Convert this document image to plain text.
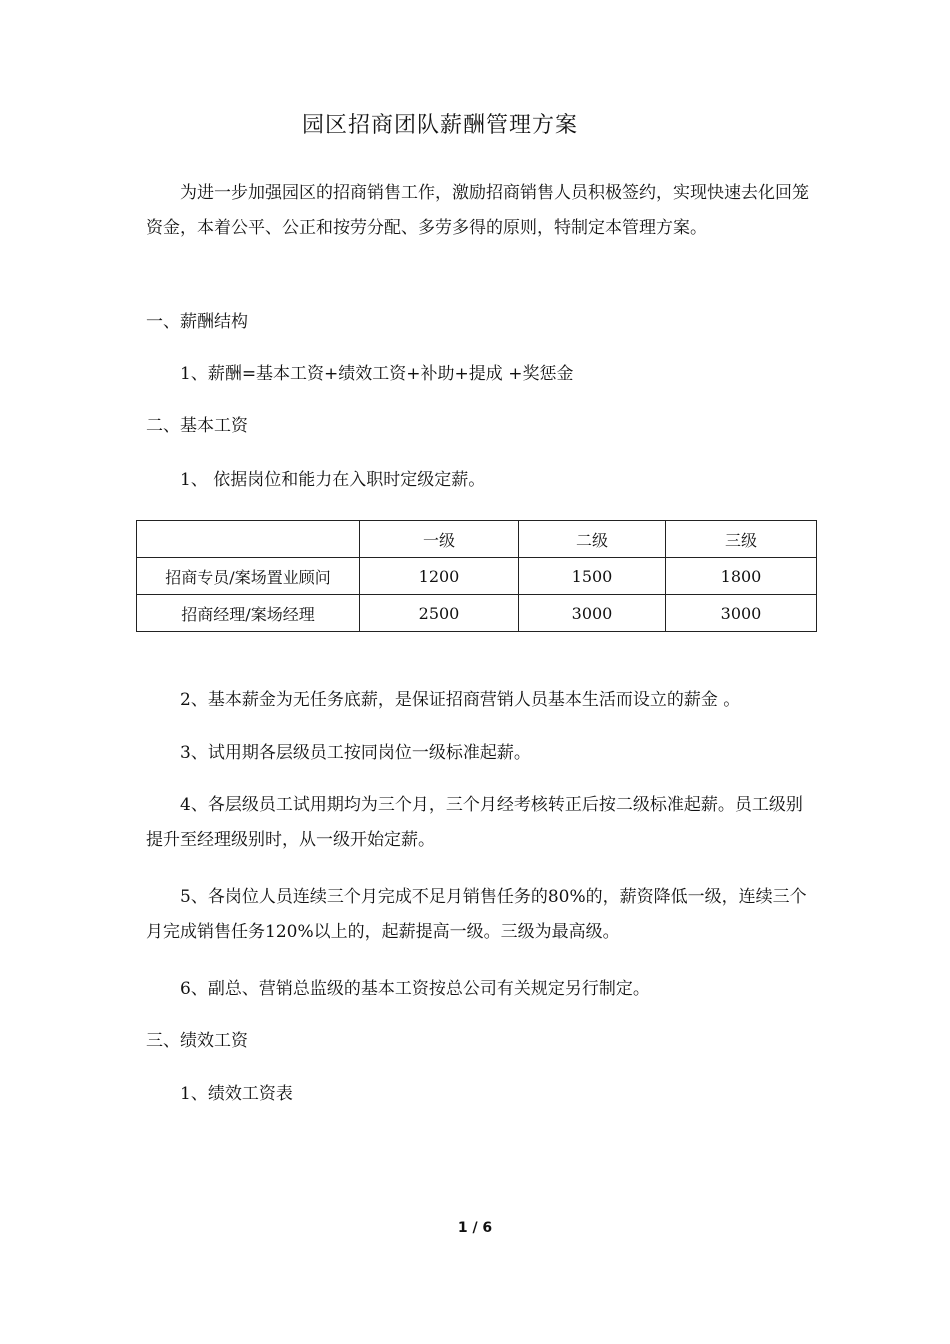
园区招商团队薪酬管理方案

为进一步加强园区的招商销售工作，激励招商销售人员积极签约，实现快速去化回笼资金，本着公平、公正和按劳分配、多劳多得的原则，特制定本管理方案。

一、薪酬结构
1、薪酬=基本工资+绩效工资+补助+提成 +奖惩金
二、基本工资
1、 依据岗位和能力在入职时定级定薪。
	一级	二级	三级
招商专员/案场置业顾问	1200	1500	1800
招商经理/案场经理	2500	3000	3000
2、基本薪金为无任务底薪，是保证招商营销人员基本生活而设立的薪金 。
3、试用期各层级员工按同岗位一级标准起薪。

4、各层级员工试用期均为三个月，三个月经考核转正后按二级标准起薪。员工级别提升至经理级别时，从一级开始定薪。

5、各岗位人员连续三个月完成不足月销售任务的80%的，薪资降低一级，连续三个月完成销售任务120%以上的，起薪提高一级。三级为最高级。

6、副总、营销总监级的基本工资按总公司有关规定另行制定。
三、绩效工资
1、绩效工资表
1 / 6
